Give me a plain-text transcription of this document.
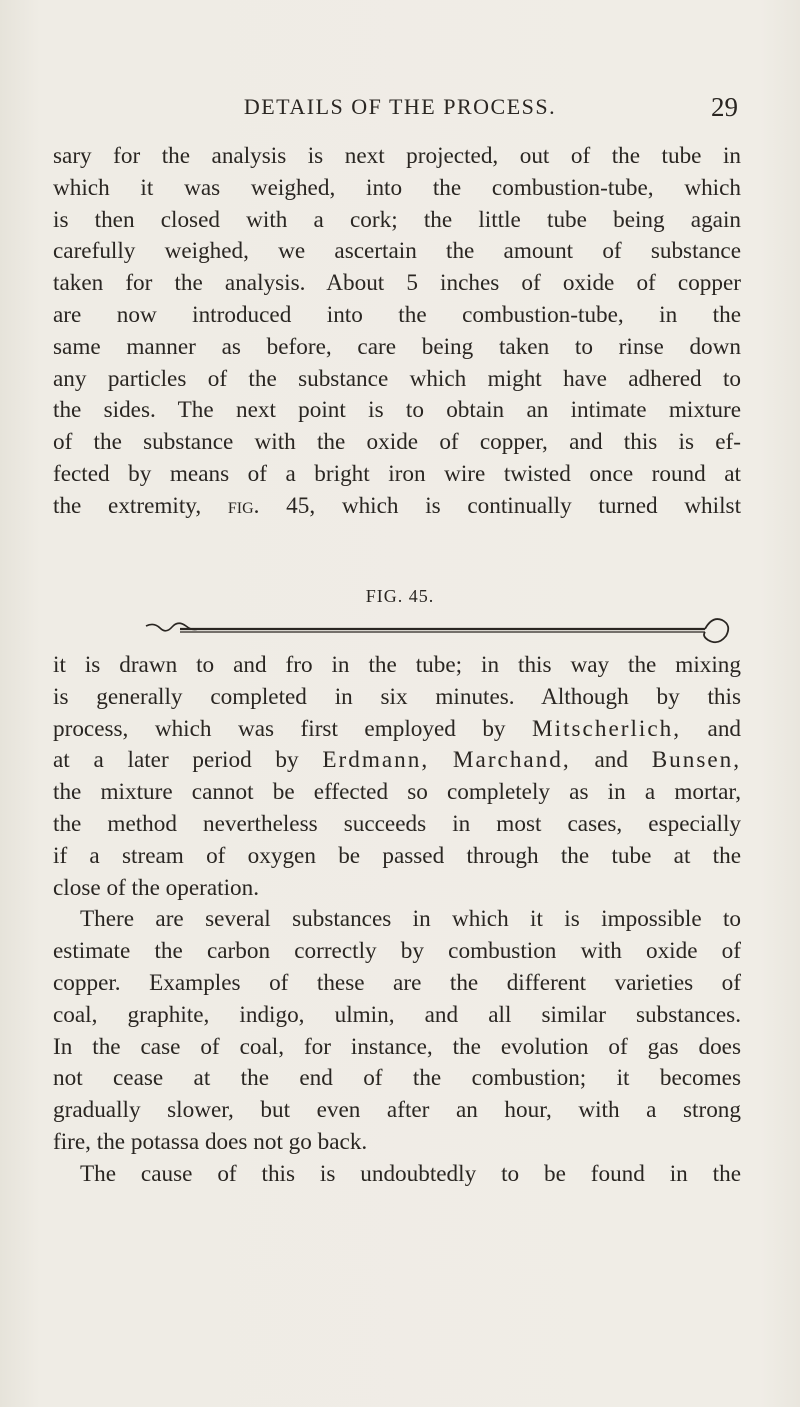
DETAILS OF THE PROCESS.	29

sary for the analysis is next projected, out of the tube in

which it was weighed, into the combustion-tube, which

is then closed with a cork; the little tube being again

carefully weighed, we ascertain the amount of substance

taken for the analysis. About 5 inches of oxide of copper

are now introduced into the combustion-tube, in the

same manner as before, care being taken to rinse down

any particles of the substance which might have adhered to

the sides. The next point is to obtain an intimate mixture

of the substance with the oxide of copper, and this is ef-

fected by means of a bright iron wire twisted once round at

the extremity, fig. 45, which is continually turned whilst

FIG. 45.

it is drawn to and fro in the tube; in this way the mixing

is generally completed in six minutes. Although by this

process, which was first employed by Mitscherlich, and

at a later period by Erdmann, Marchand, and Bunsen,

the mixture cannot be effected so completely as in a mortar,

the method nevertheless succeeds in most cases, especially

if a stream of oxygen be passed through the tube at the

close of the operation.

There are several substances in which it is impossible to

estimate the carbon correctly by combustion with oxide of

copper. Examples of these are the different varieties of

coal, graphite, indigo, ulmin, and all similar substances.

In the case of coal, for instance, the evolution of gas does

not cease at the end of the combustion; it becomes

gradually slower, but even after an hour, with a strong

fire, the potassa does not go back.

The cause of this is undoubtedly to be found in the
